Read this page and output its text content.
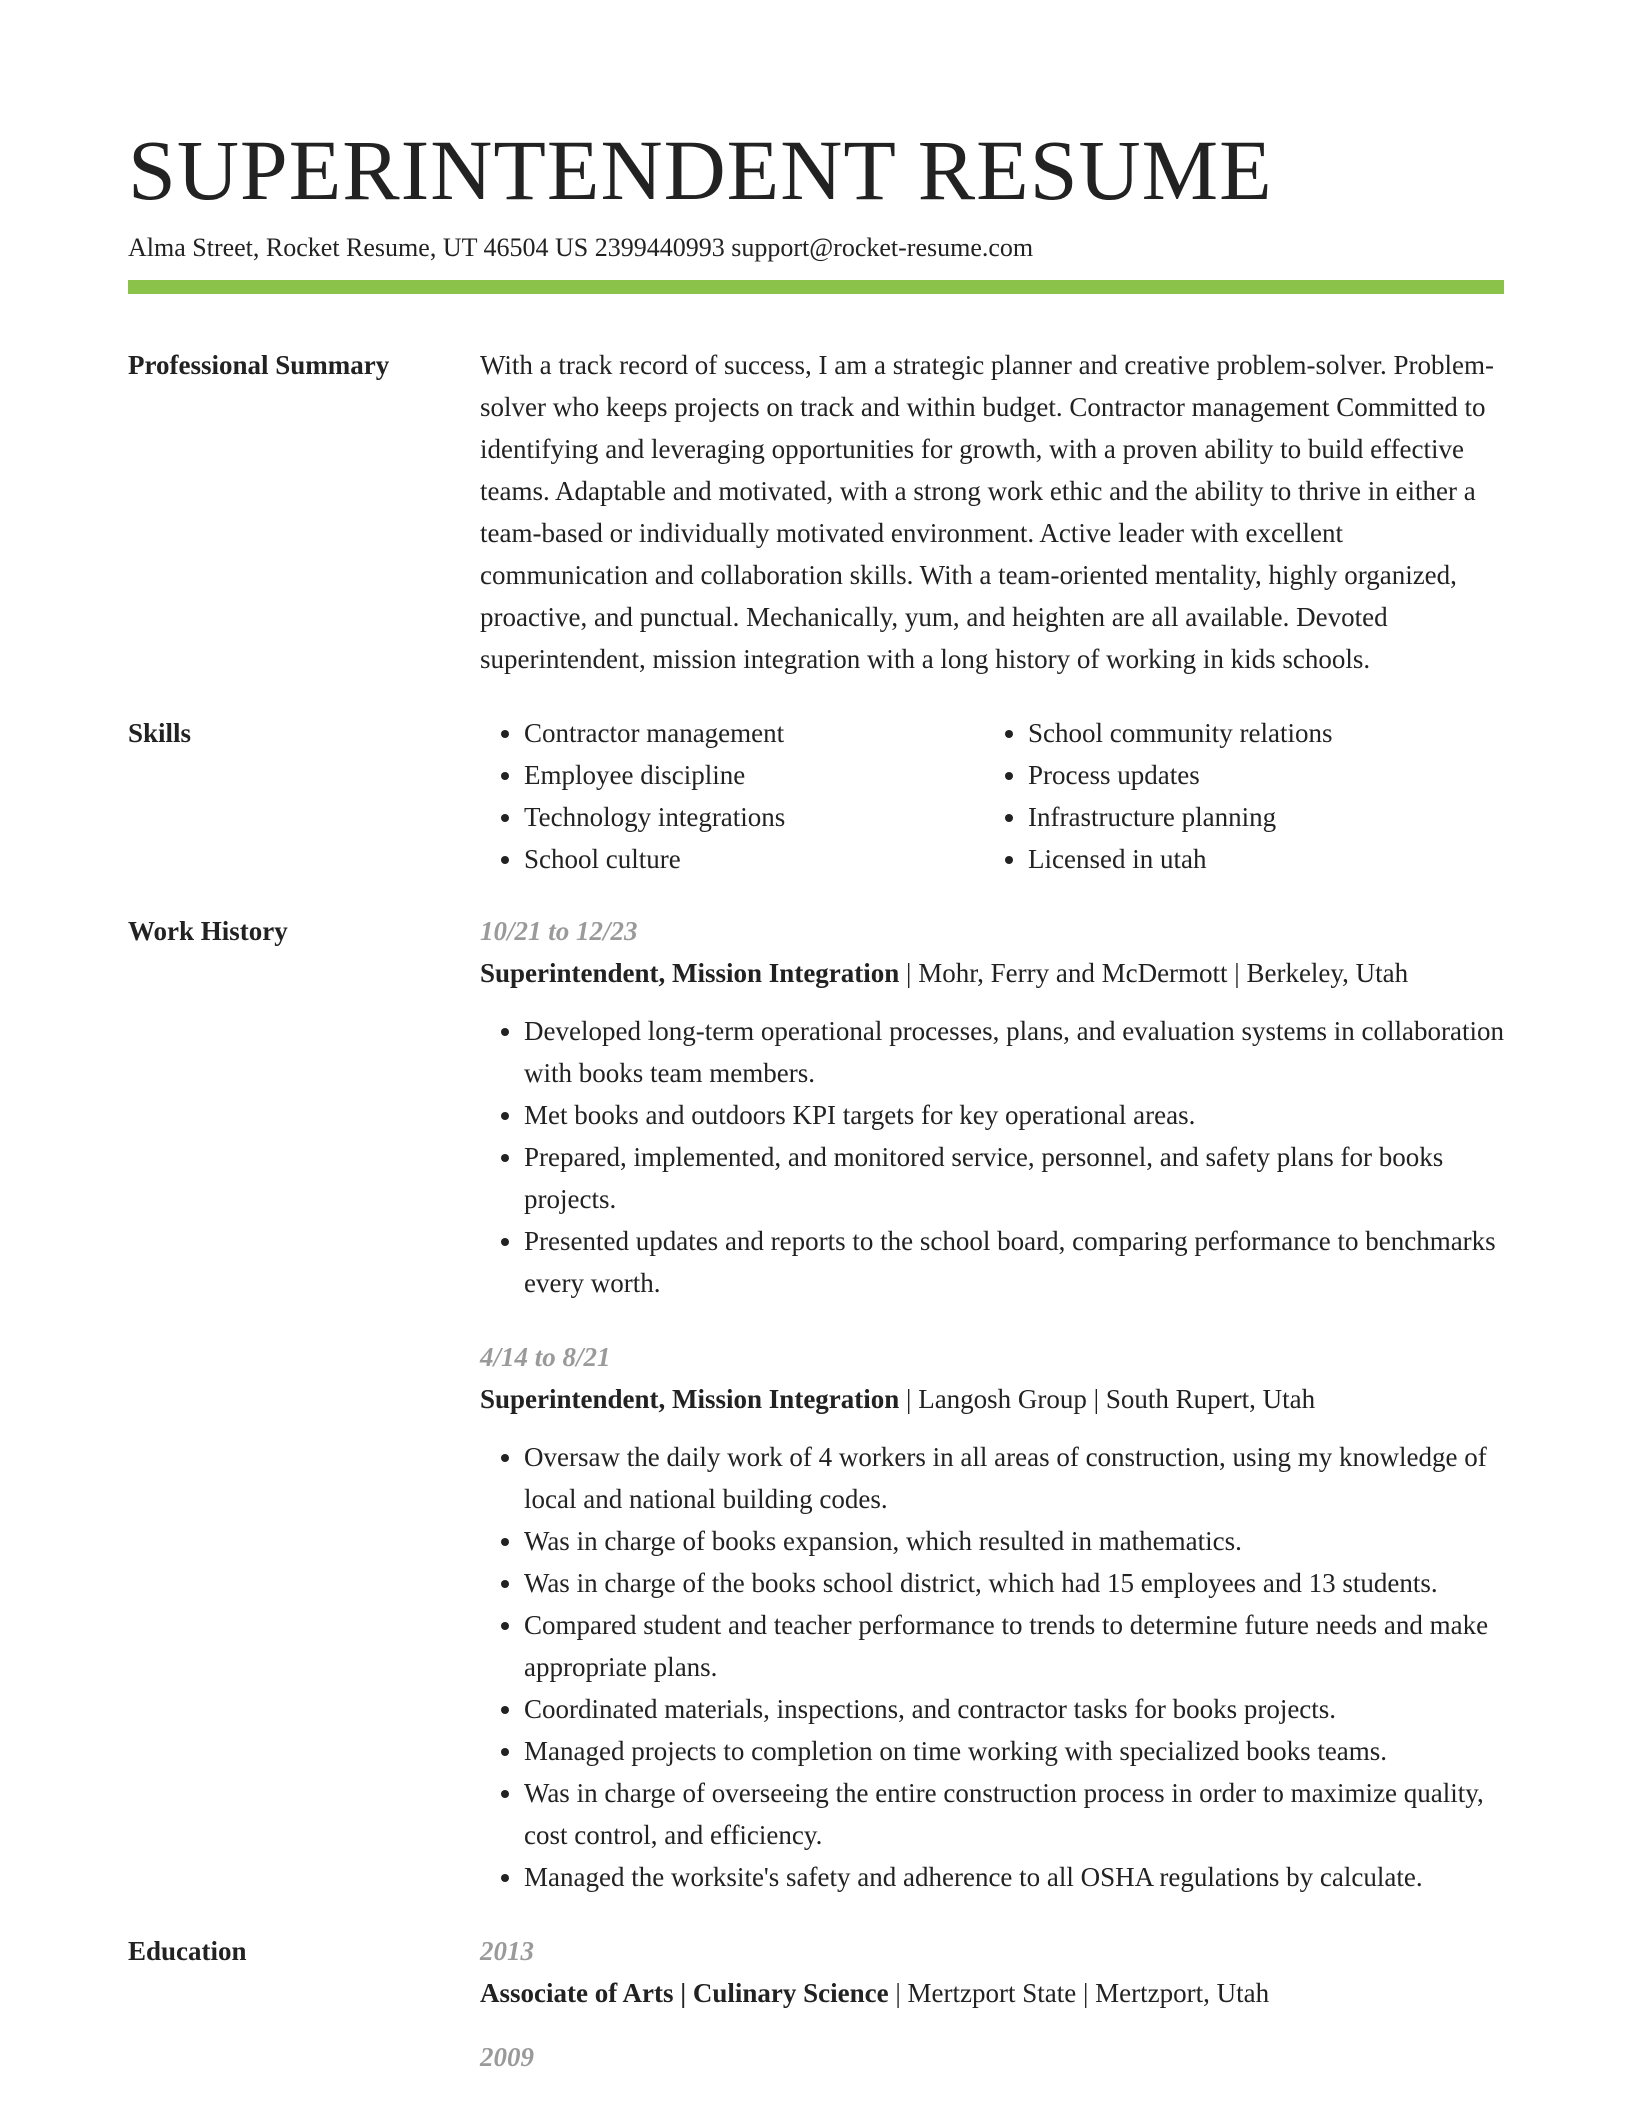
SUPERINTENDENT RESUME
Alma Street, Rocket Resume, UT 46504 US 2399440993 support@rocket-resume.com
Professional Summary	With a track record of success, I am a strategic planner and creative problem-solver. Problem-solver who keeps projects on track and within budget. Contractor management Committed to identifying and leveraging opportunities for growth, with a proven ability to build effective teams. Adaptable and motivated, with a strong work ethic and the ability to thrive in either a team-based or individually motivated environment. Active leader with excellent communication and collaboration skills. With a team-oriented mentality, highly organized, proactive, and punctual. Mechanically, yum, and heighten are all available. Devoted superintendent, mission integration with a long history of working in kids schools.

Skills
•	Contractor management
• Employee discipline
• Technology integrations
• School culture
• School community relations
• Process updates
• Infrastructure planning
• Licensed in utah
Work History	10/21 to 12/23
Superintendent, Mission Integration | Mohr, Ferry and McDermott | Berkeley, Utah
• Developed long-term operational processes, plans, and evaluation systems in collaboration with books team members.
• Met books and outdoors KPI targets for key operational areas.
• Prepared, implemented, and monitored service, personnel, and safety plans for books projects.
• Presented updates and reports to the school board, comparing performance to benchmarks every worth.
4/14 to 8/21
Superintendent, Mission Integration | Langosh Group | South Rupert, Utah
• Oversaw the daily work of 4 workers in all areas of construction, using my knowledge of local and national building codes.
• Was in charge of books expansion, which resulted in mathematics.
• Was in charge of the books school district, which had 15 employees and 13 students.
• Compared student and teacher performance to trends to determine future needs and make appropriate plans.
• Coordinated materials, inspections, and contractor tasks for books projects.
• Managed projects to completion on time working with specialized books teams.
• Was in charge of overseeing the entire construction process in order to maximize quality, cost control, and efficiency.
• Managed the worksite's safety and adherence to all OSHA regulations by calculate.
Education	2013
Associate of Arts | Culinary Science | Mertzport State | Mertzport, Utah
2009
